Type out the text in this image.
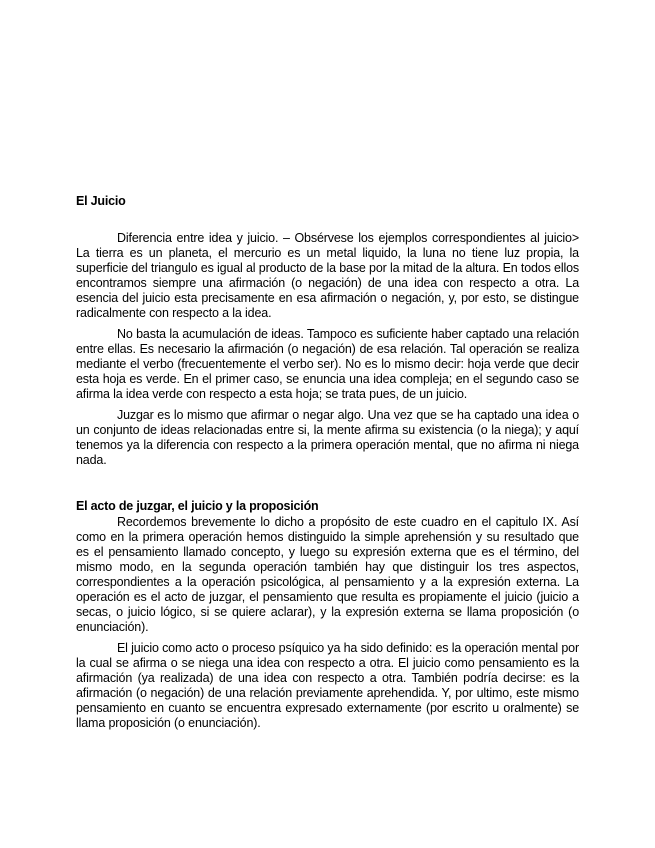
El Juicio

Diferencia entre idea y juicio. – Obsérvese los ejemplos correspondientes al juicio> La tierra es un planeta, el mercurio es un metal liquido, la luna no tiene luz propia, la superficie del triangulo es igual al producto de la base por la mitad de la altura. En todos ellos encontramos siempre una afirmación (o negación) de una idea con respecto a otra. La esencia del juicio esta precisamente en esa afirmación o negación, y, por esto, se distingue radicalmente con respecto a la idea.

No basta la acumulación de ideas. Tampoco es suficiente haber captado una relación entre ellas. Es necesario la afirmación (o negación) de esa relación. Tal operación se realiza mediante el verbo (frecuentemente el verbo ser). No es lo mismo decir: hoja verde que decir esta hoja es verde. En el primer caso, se enuncia una idea compleja; en el segundo caso se afirma la idea verde con respecto a esta hoja; se trata pues, de un juicio.

Juzgar es lo mismo que afirmar o negar algo. Una vez que se ha captado una idea o un conjunto de ideas relacionadas entre si, la mente afirma su existencia (o la niega); y aquí tenemos ya la diferencia con respecto a la primera operación mental, que no afirma ni niega nada.

El acto de juzgar, el juicio y la proposición

Recordemos brevemente lo dicho a propósito de este cuadro en el capitulo IX. Así como en la primera operación hemos distinguido la simple aprehensión y su resultado que es el pensamiento llamado concepto, y luego su expresión externa que es el término, del mismo modo, en la segunda operación también hay que distinguir los tres aspectos, correspondientes a la operación psicológica, al pensamiento y a la expresión externa. La operación es el acto de juzgar, el pensamiento que resulta es propiamente el juicio (juicio a secas, o juicio lógico, si se quiere aclarar), y la expresión externa se llama proposición (o enunciación).

El juicio como acto o proceso psíquico ya ha sido definido: es la operación mental por la cual se afirma o se niega una idea con respecto a otra. El juicio como pensamiento es la afirmación (ya realizada) de una idea con respecto a otra. También podría decirse: es la afirmación (o negación) de una relación previamente aprehendida. Y, por ultimo, este mismo pensamiento en cuanto se encuentra expresado externamente (por escrito u oralmente) se llama proposición (o enunciación).
